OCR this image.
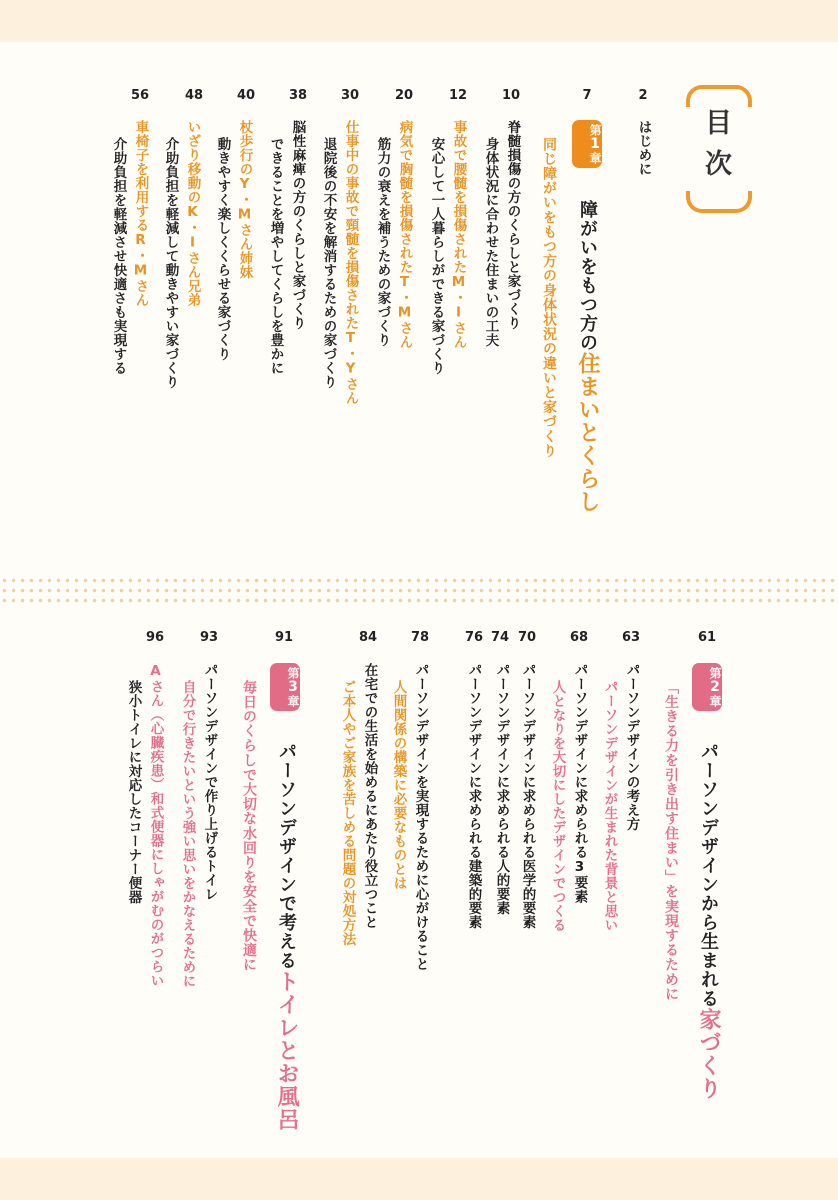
目次
2
はじめに
7
第1章
障がいをもつ方の住まいとくらし
同じ障がいをもつ方の身体状況の違いと家づくり
10
脊髄損傷の方のくらしと家づくり
身体状況に合わせた住まいの工夫
12
事故で腰髄を損傷されたM・Iさん
安心して一人暮らしができる家づくり
20
病気で胸髄を損傷されたT・Mさん
筋力の衰えを補うための家づくり
30
仕事中の事故で頸髄を損傷されたT・Yさん
退院後の不安を解消するための家づくり
38
脳性麻痺の方のくらしと家づくり
できることを増やしてくらしを豊かに
40
杖歩行のY・Mさん姉妹
動きやすく楽しくくらせる家づくり
48
いざり移動のK・Iさん兄弟
介助負担を軽減して動きやすい家づくり
56
車椅子を利用するR・Mさん
介助負担を軽減させ快適さも実現する
61
第2章
パーソンデザインから生まれる家づくり
「生きる力を引き出す住まい」を実現するために
63
パーソンデザインの考え方
パーソンデザインが生まれた背景と思い
68
パーソンデザインに求められる3要素
人となりを大切にしたデザインでつくる
70
パーソンデザインに求められる医学的要素
74
パーソンデザインに求められる人的要素
76
パーソンデザインに求められる建築的要素
78
パーソンデザインを実現するために心がけること
人間関係の構築に必要なものとは
84
在宅での生活を始めるにあたり役立つこと
ご本人やご家族を苦しめる問題の対処方法
91
第3章
パーソンデザインで考えるトイレとお風呂
毎日のくらしで大切な水回りを安全で快適に
93
パーソンデザインで作り上げるトイレ
自分で行きたいという強い思いをかなえるために
96
Aさん（心臓疾患）和式便器にしゃがむのがつらい
狭小トイレに対応したコーナー便器
